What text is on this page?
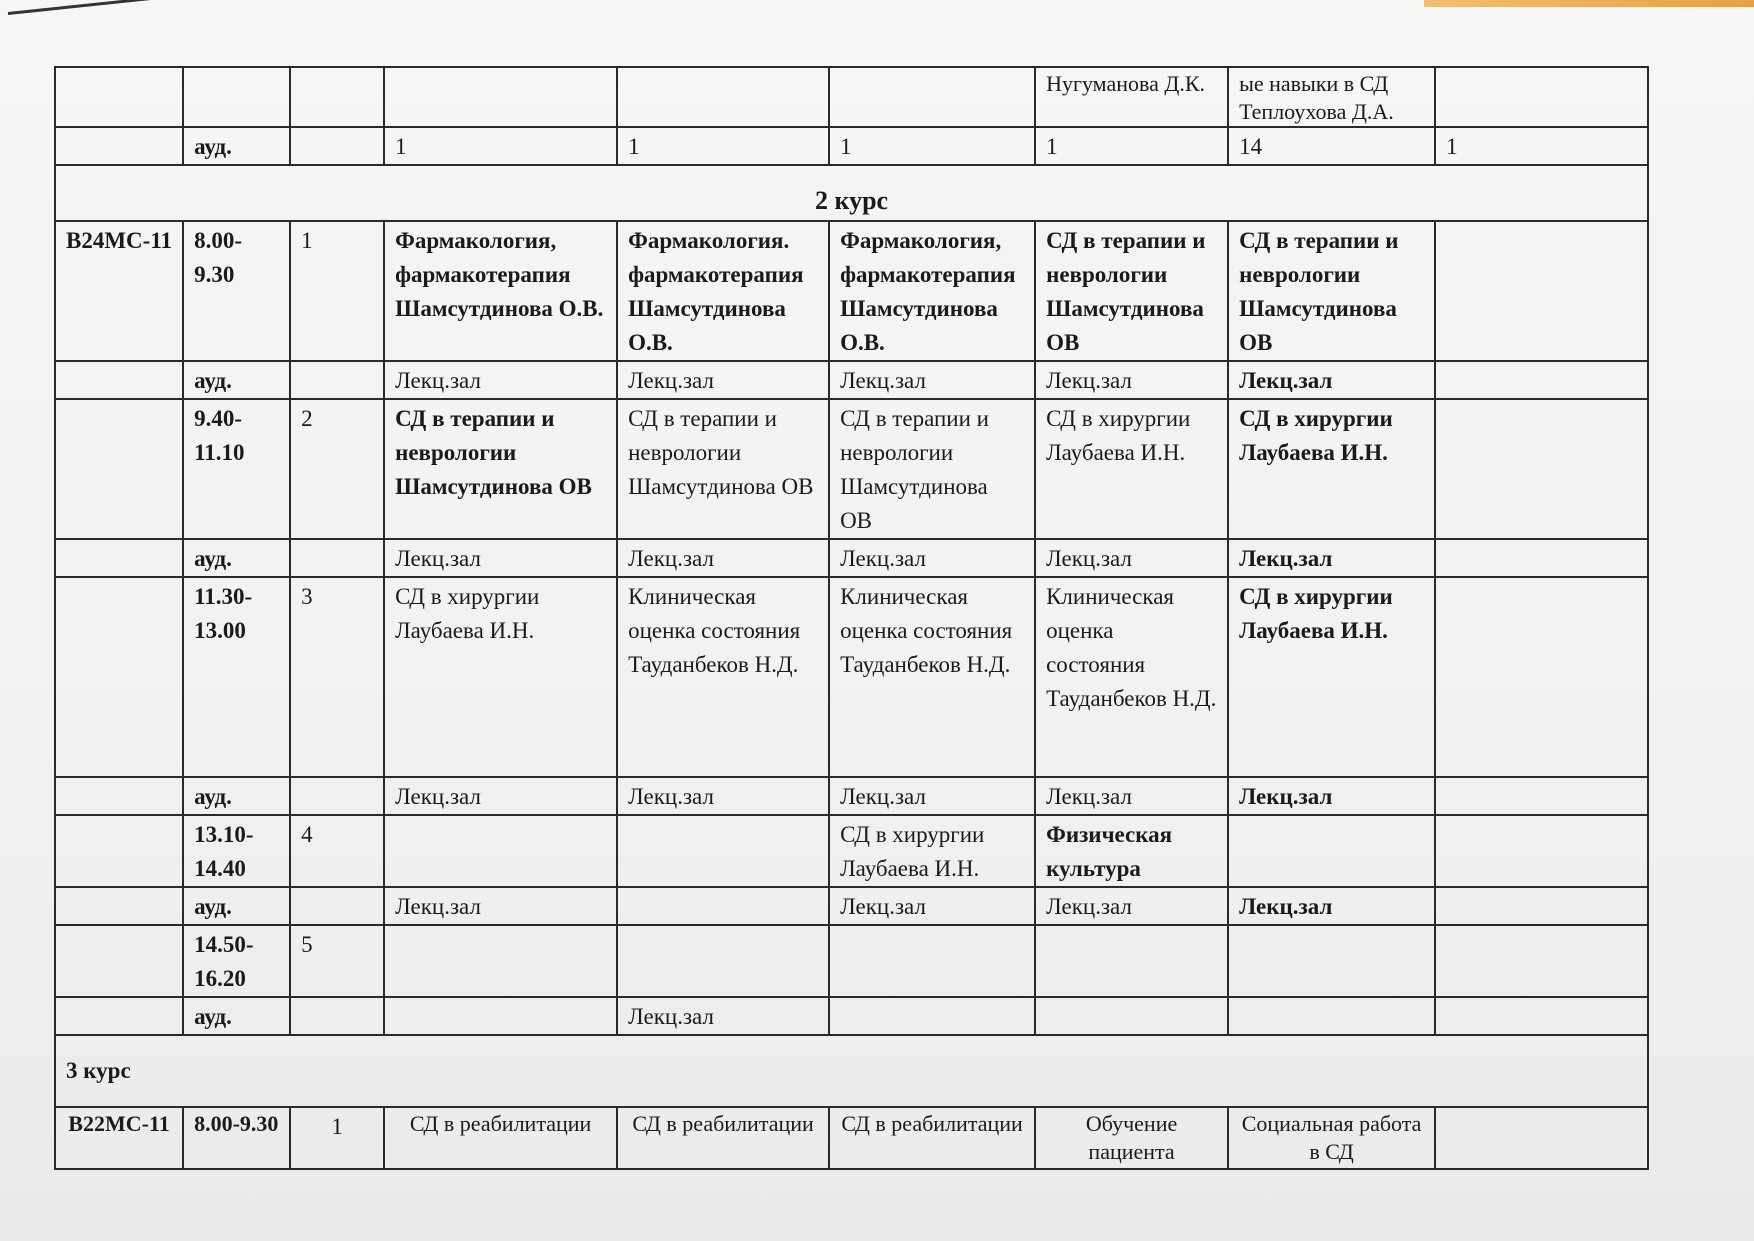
						Нугуманова Д.К.	ые навыки в СД Теплоухова Д.А.	
	ауд.		1	1	1	1	14	1
2 курс								
В24МС-11	8.00-9.30	1	Фармакология, фармакотерапия Шамсутдинова О.В.	Фармакология. фармакотерапия Шамсутдинова О.В.	Фармакология, фармакотерапия Шамсутдинова О.В.	СД в терапии и неврологии Шамсутдинова ОВ	СД в терапии и неврологии Шамсутдинова ОВ	
	ауд.		Лекц.зал	Лекц.зал	Лекц.зал	Лекц.зал	Лекц.зал	
	9.40-11.10	2	СД в терапии и неврологии Шамсутдинова ОВ	СД в терапии и неврологии Шамсутдинова ОВ	СД в терапии и неврологии Шамсутдинова ОВ	СД в хирургии Лаубаева И.Н.	СД в хирургии Лаубаева И.Н.	
	ауд.		Лекц.зал	Лекц.зал	Лекц.зал	Лекц.зал	Лекц.зал	
	11.30-13.00	3	СД в хирургии Лаубаева И.Н.	Клиническая оценка состояния Тауданбеков Н.Д.	Клиническая оценка состояния Тауданбеков Н.Д.	Клиническая оценка состояния Тауданбеков Н.Д.	СД в хирургии Лаубаева И.Н.	
	ауд.		Лекц.зал	Лекц.зал	Лекц.зал	Лекц.зал	Лекц.зал	
	13.10-14.40	4			СД в хирургии Лаубаева И.Н.	Физическая культура		
	ауд.		Лекц.зал		Лекц.зал	Лекц.зал	Лекц.зал	
	14.50-16.20	5						
	ауд.			Лекц.зал				
3 курс								
В22МС-11	8.00-9.30	1	СД в реабилитации	СД в реабилитации	СД в реабилитации	Обучение пациента	Социальная работа в СД	
